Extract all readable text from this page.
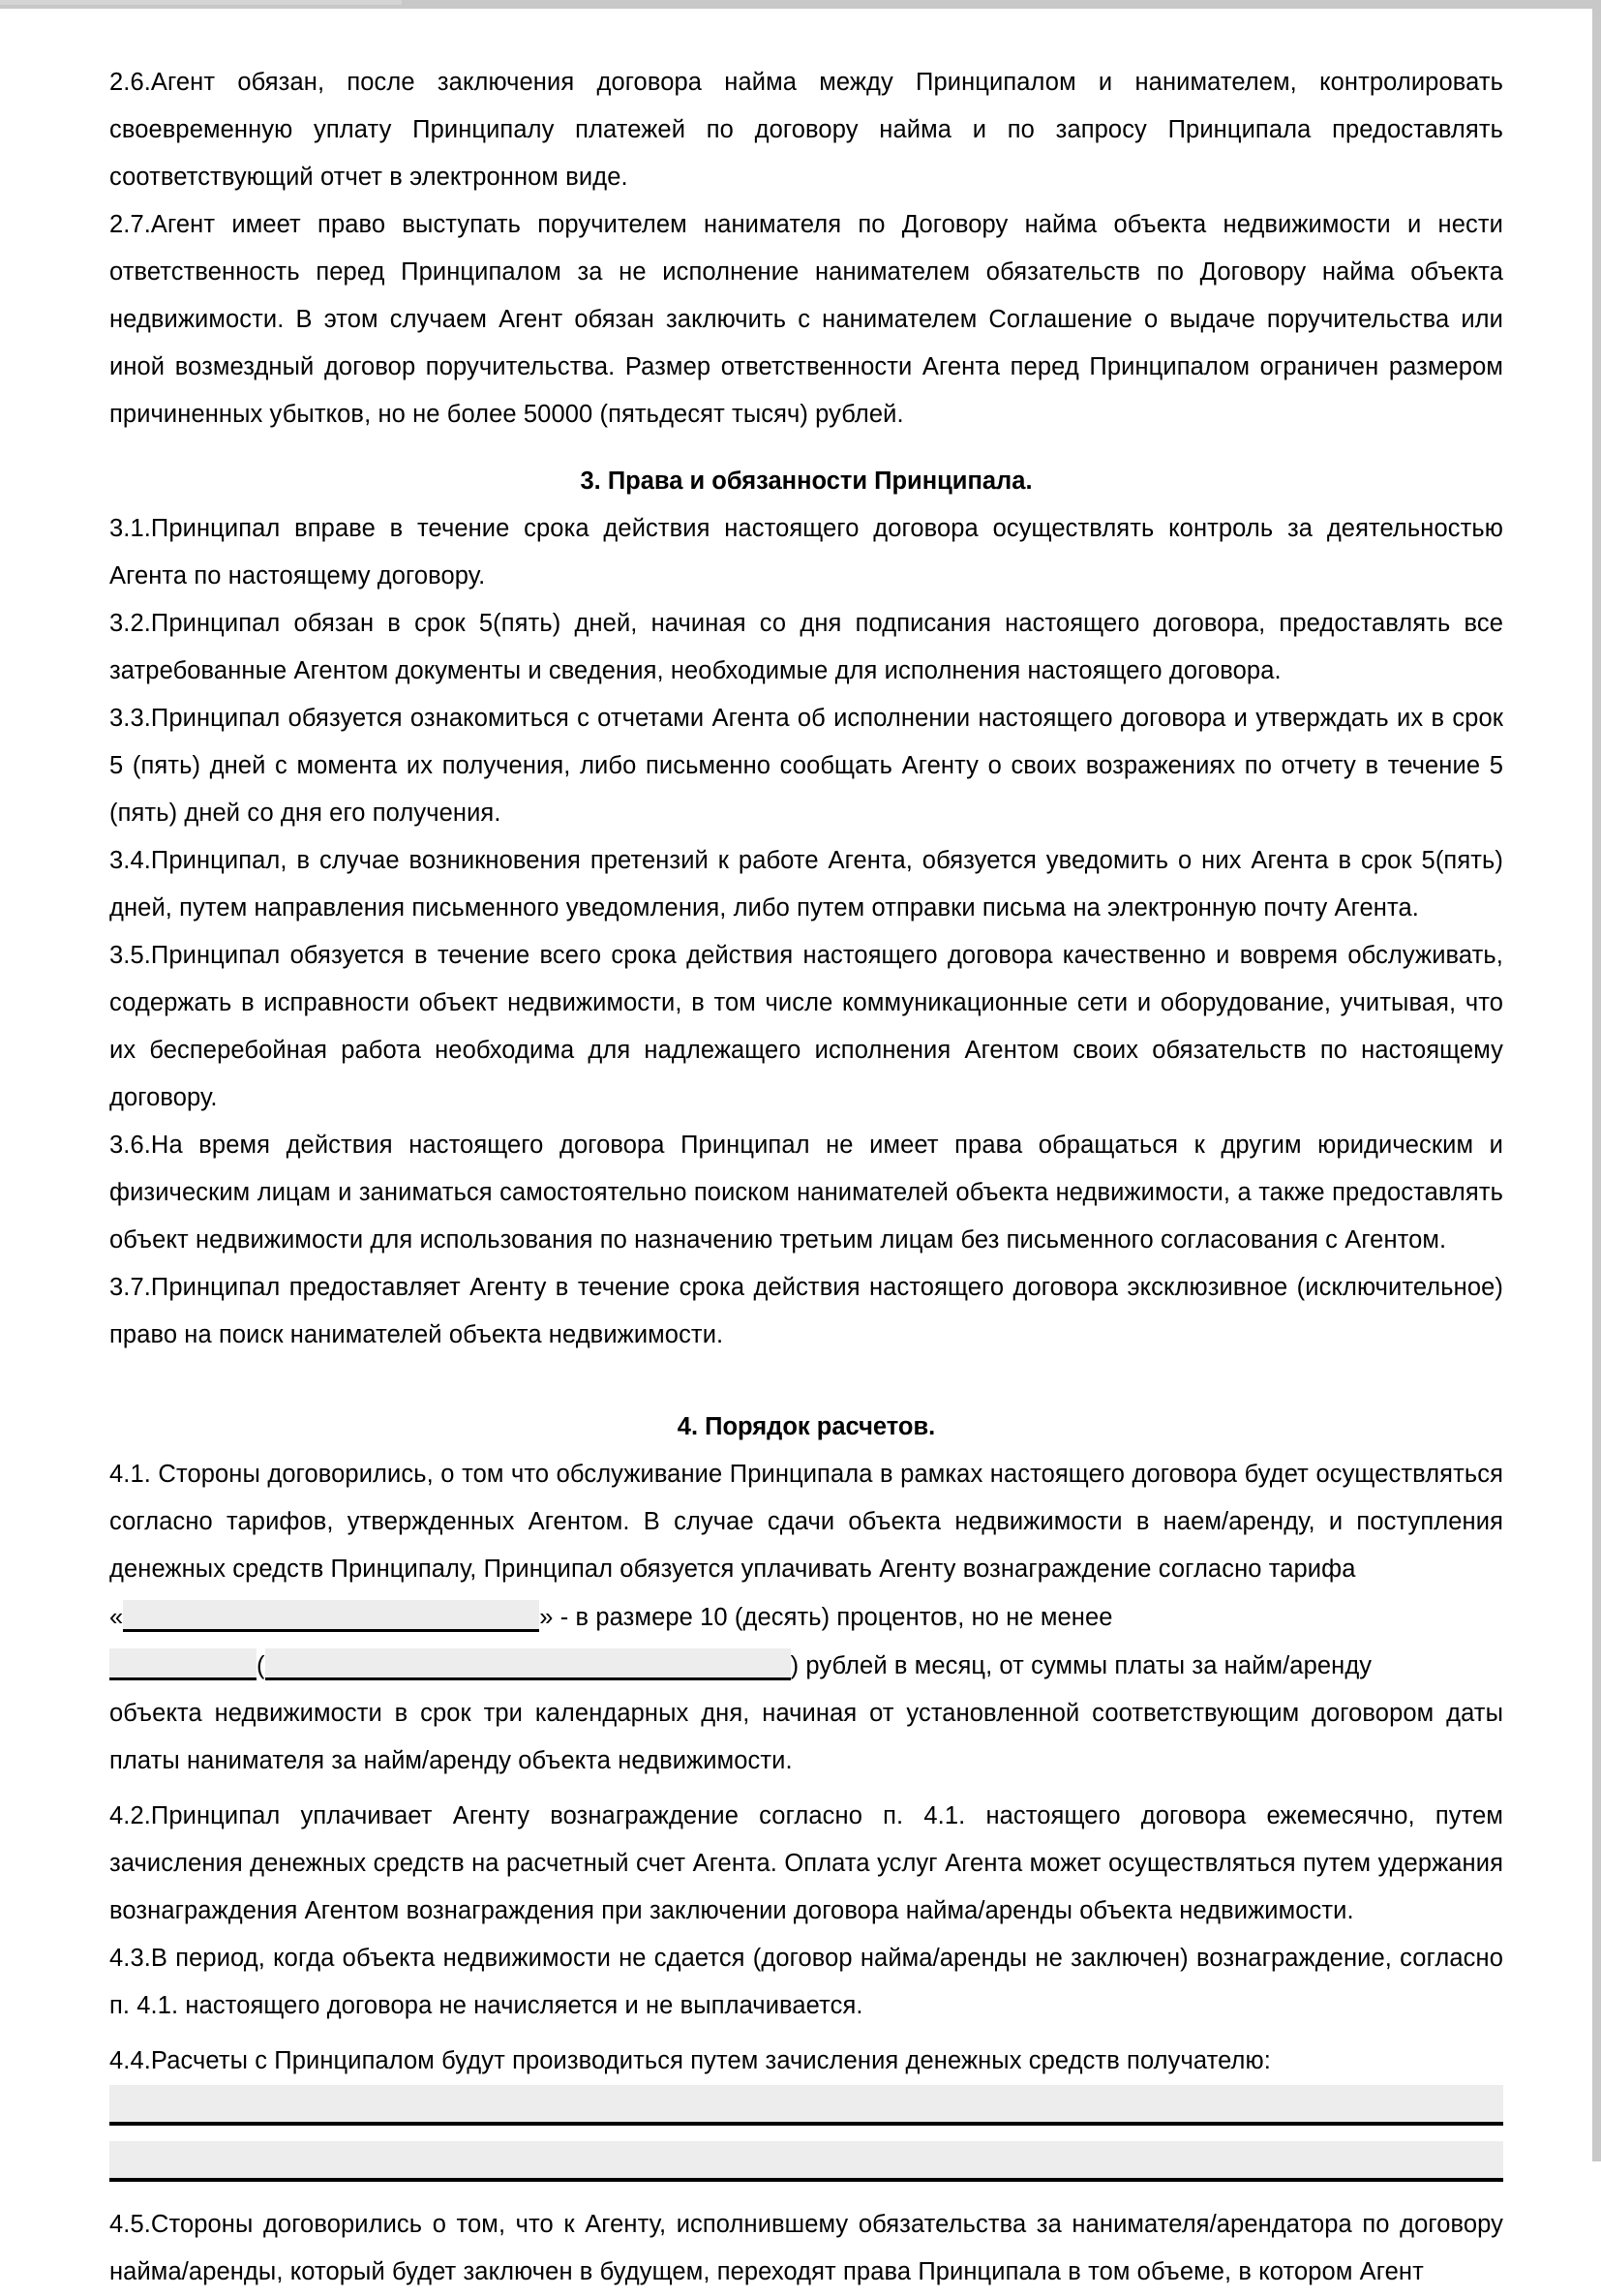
2.6.Агент обязан, после заключения договора найма между Принципалом и нанимателем, контролировать своевременную уплату Принципалу платежей по договору найма и по запросу Принципала предоставлять соответствующий отчет в электронном виде.

2.7.Агент имеет право выступать поручителем нанимателя по Договору найма объекта недвижимости и нести ответственность перед Принципалом за не исполнение нанимателем обязательств по Договору найма объекта недвижимости. В этом случаем Агент обязан заключить с нанимателем Соглашение о выдаче поручительства или иной возмездный договор поручительства. Размер ответственности Агента перед Принципалом ограничен размером причиненных убытков, но не более 50000 (пятьдесят тысяч) рублей.

3. Права и обязанности Принципала.

3.1.Принципал вправе в течение срока действия настоящего договора осуществлять контроль за деятельностью Агента по настоящему договору.

3.2.Принципал обязан в срок 5(пять) дней, начиная со дня подписания настоящего договора, предоставлять все затребованные Агентом документы и сведения, необходимые для исполнения настоящего договора.

3.3.Принципал обязуется ознакомиться с отчетами Агента об исполнении настоящего договора и утверждать их в срок 5 (пять) дней с момента их получения, либо письменно сообщать Агенту о своих возражениях по отчету в течение 5 (пять) дней со дня его получения.

3.4.Принципал, в случае возникновения претензий к работе Агента, обязуется уведомить о них Агента в срок 5(пять) дней, путем направления письменного уведомления, либо путем отправки письма на электронную почту Агента.

3.5.Принципал обязуется в течение всего срока действия настоящего договора качественно и вовремя обслуживать, содержать в исправности объект недвижимости, в том числе коммуникационные сети и оборудование, учитывая, что их бесперебойная работа необходима для надлежащего исполнения Агентом своих обязательств по настоящему договору.

3.6.На время действия настоящего договора Принципал не имеет права обращаться к другим юридическим и физическим лицам и заниматься самостоятельно поиском нанимателей объекта недвижимости, а также предоставлять объект недвижимости для использования по назначению третьим лицам без письменного согласования с Агентом.

3.7.Принципал предоставляет Агенту в течение срока действия настоящего договора эксклюзивное (исключительное) право на поиск нанимателей объекта недвижимости.

4. Порядок расчетов.

4.1. Стороны договорились, о том что обслуживание Принципала в рамках настоящего договора будет осуществляться согласно тарифов, утвержденных Агентом. В случае сдачи объекта недвижимости в наем/аренду, и поступления денежных средств Принципалу, Принципал обязуется уплачивать Агенту вознаграждение согласно тарифа

«	» - в размере 10 (десять) процентов, но не менее

(	) рублей в месяц, от суммы платы за найм/аренду

объекта недвижимости в срок три календарных дня, начиная от установленной соответствующим договором даты платы нанимателя за найм/аренду объекта недвижимости.

4.2.Принципал уплачивает Агенту вознаграждение согласно п. 4.1. настоящего договора ежемесячно, путем зачисления денежных средств на расчетный счет Агента. Оплата услуг Агента может осуществляться путем удержания вознаграждения Агентом вознаграждения при заключении договора найма/аренды объекта недвижимости.

4.3.В период, когда объекта недвижимости не сдается (договор найма/аренды не заключен) вознаграждение, согласно п. 4.1. настоящего договора не начисляется и не выплачивается.

4.4.Расчеты с Принципалом будут производиться путем зачисления денежных средств получателю:

4.5.Стороны договорились о том, что к Агенту, исполнившему обязательства за нанимателя/арендатора по договору найма/аренды, который будет заключен в будущем, переходят права Принципала в том объеме, в котором Агент
